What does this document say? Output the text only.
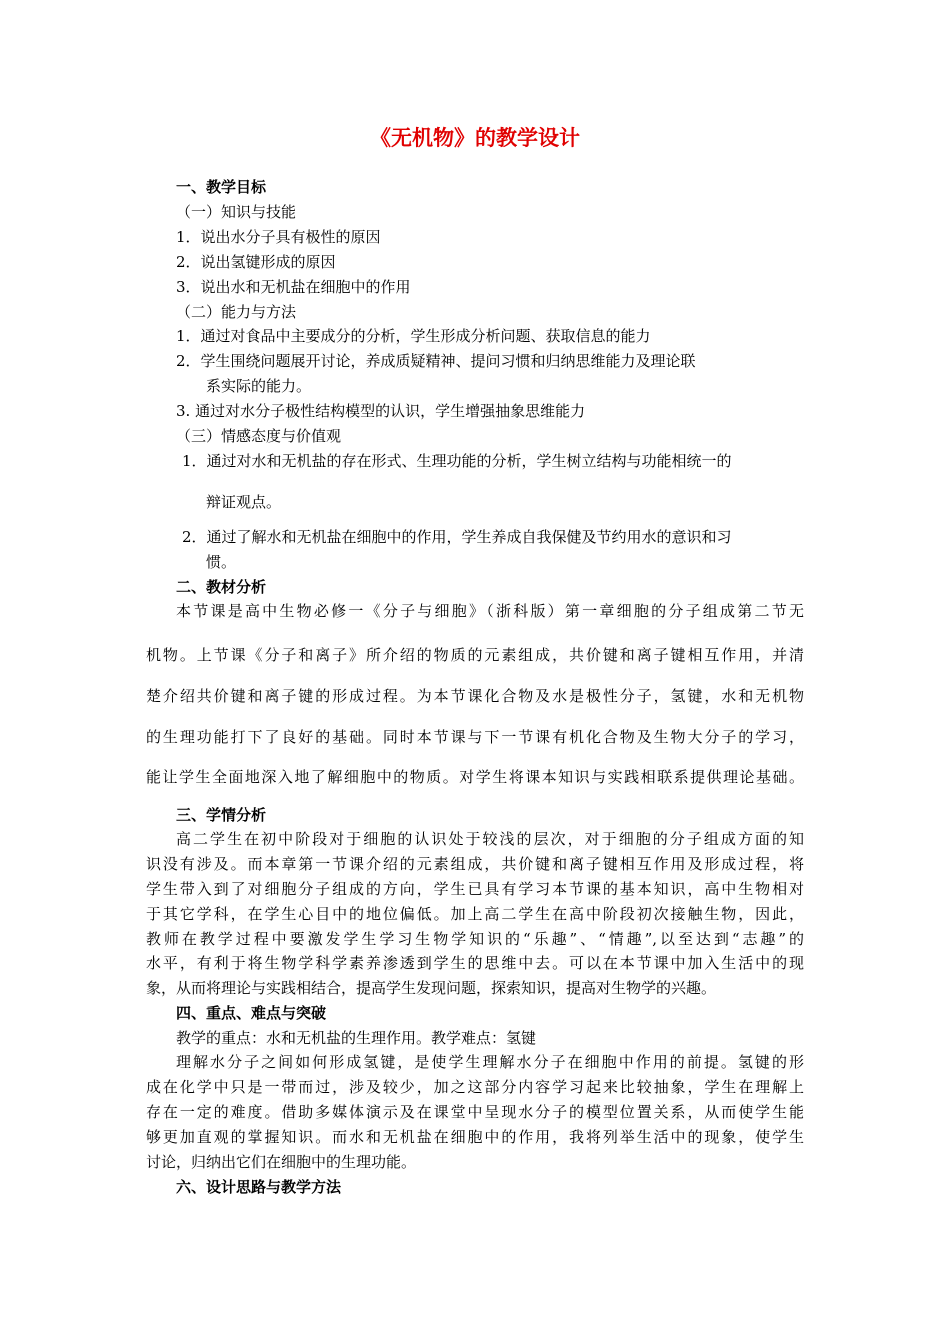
《无机物》的教学设计
一、教学目标
（一）知识与技能
1．说出水分子具有极性的原因
2．说出氢键形成的原因
3．说出水和无机盐在细胞中的作用
（二）能力与方法
1．通过对食品中主要成分的分析，学生形成分析问题、获取信息的能力
2．学生围绕问题展开讨论，养成质疑精神、提问习惯和归纳思维能力及理论联
系实际的能力。
3. 通过对水分子极性结构模型的认识，学生增强抽象思维能力
（三）情感态度与价值观
1．通过对水和无机盐的存在形式、生理功能的分析，学生树立结构与功能相统一的
辩证观点。
2．通过了解水和无机盐在细胞中的作用，学生养成自我保健及节约用水的意识和习
惯。
二、教材分析
本节课是高中生物必修一《分子与细胞》（浙科版）第一章细胞的分子组成第二节无
机物。上节课《分子和离子》所介绍的物质的元素组成，共价键和离子键相互作用，并清
楚介绍共价键和离子键的形成过程。为本节课化合物及水是极性分子，氢键，水和无机物
的生理功能打下了良好的基础。同时本节课与下一节课有机化合物及生物大分子的学习，
能让学生全面地深入地了解细胞中的物质。对学生将课本知识与实践相联系提供理论基础。
三、学情分析
高二学生在初中阶段对于细胞的认识处于较浅的层次，对于细胞的分子组成方面的知
识没有涉及。而本章第一节课介绍的元素组成，共价键和离子键相互作用及形成过程，将
学生带入到了对细胞分子组成的方向，学生已具有学习本节课的基本知识，高中生物相对
于其它学科，在学生心目中的地位偏低。加上高二学生在高中阶段初次接触生物，因此，
教师在教学过程中要激发学生学习生物学知识的“乐趣”、“情趣”,以至达到“志趣”的
水平，有利于将生物学科学素养渗透到学生的思维中去。可以在本节课中加入生活中的现
象，从而将理论与实践相结合，提高学生发现问题，探索知识，提高对生物学的兴趣。
四、重点、难点与突破
教学的重点：水和无机盐的生理作用。教学难点：氢键
理解水分子之间如何形成氢键，是使学生理解水分子在细胞中作用的前提。氢键的形
成在化学中只是一带而过，涉及较少，加之这部分内容学习起来比较抽象，学生在理解上
存在一定的难度。借助多媒体演示及在课堂中呈现水分子的模型位置关系，从而使学生能
够更加直观的掌握知识。而水和无机盐在细胞中的作用，我将列举生活中的现象，使学生
讨论，归纳出它们在细胞中的生理功能。
六、设计思路与教学方法
